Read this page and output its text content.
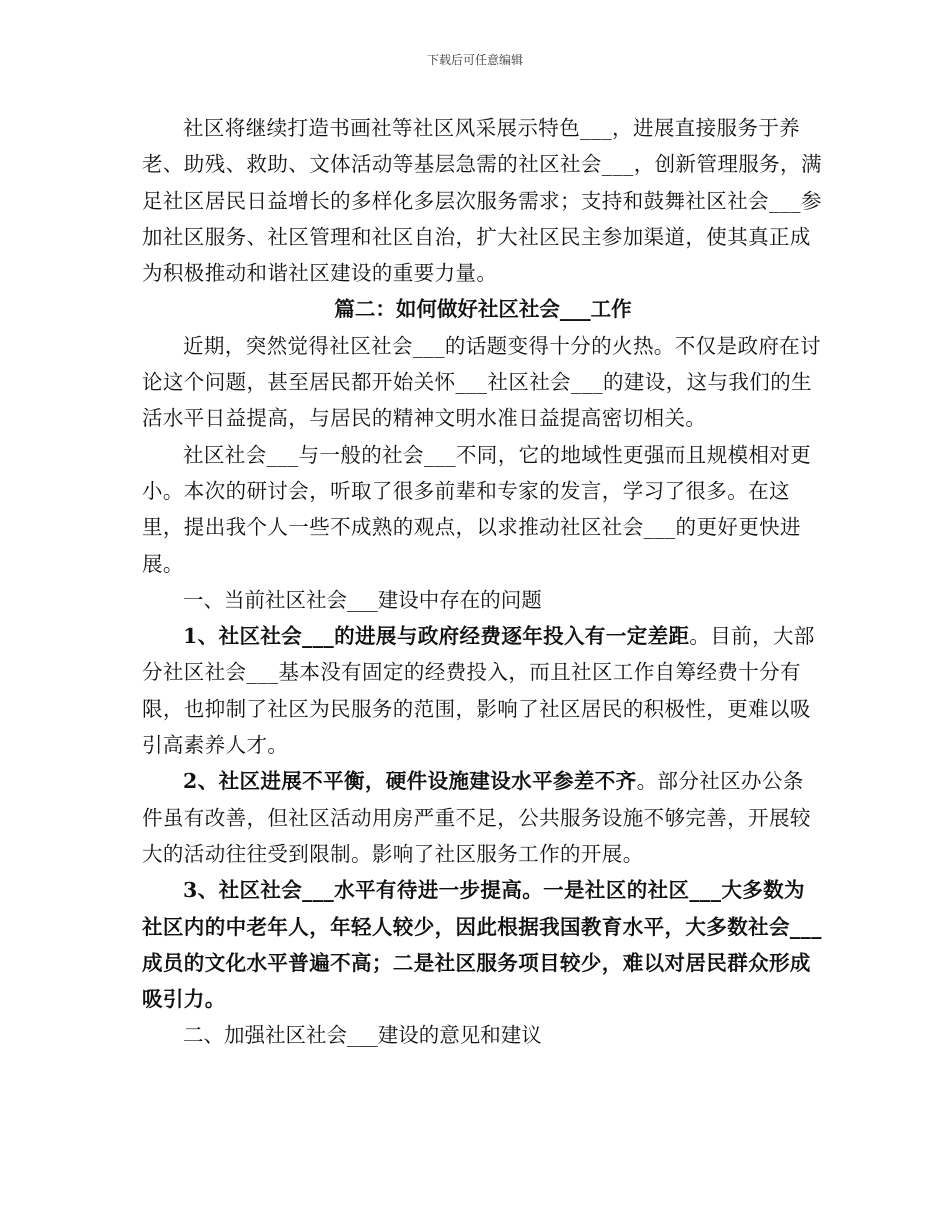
下载后可任意编辑

社区将继续打造书画社等社区风采展示特色___，进展直接服务于养老、助残、救助、文体活动等基层急需的社区社会___，创新管理服务，满足社区居民日益增长的多样化多层次服务需求；支持和鼓舞社区社会___参加社区服务、社区管理和社区自治，扩大社区民主参加渠道，使其真正成为积极推动和谐社区建设的重要力量。

篇二：如何做好社区社会___工作

近期，突然觉得社区社会___的话题变得十分的火热。不仅是政府在讨论这个问题，甚至居民都开始关怀___社区社会___的建设，这与我们的生活水平日益提高，与居民的精神文明水准日益提高密切相关。

社区社会___与一般的社会___不同，它的地域性更强而且规模相对更小。本次的研讨会，听取了很多前辈和专家的发言，学习了很多。在这里，提出我个人一些不成熟的观点，以求推动社区社会___的更好更快进展。

一、当前社区社会___建设中存在的问题

1、社区社会___的进展与政府经费逐年投入有一定差距。目前，大部分社区社会___基本没有固定的经费投入，而且社区工作自筹经费十分有限，也抑制了社区为民服务的范围，影响了社区居民的积极性，更难以吸引高素养人才。

2、社区进展不平衡，硬件设施建设水平参差不齐。部分社区办公条件虽有改善，但社区活动用房严重不足，公共服务设施不够完善，开展较大的活动往往受到限制。影响了社区服务工作的开展。

3、社区社会___水平有待进一步提高。一是社区的社区___大多数为社区内的中老年人，年轻人较少，因此根据我国教育水平，大多数社会___成员的文化水平普遍不高；二是社区服务项目较少，难以对居民群众形成吸引力。

二、加强社区社会___建设的意见和建议
